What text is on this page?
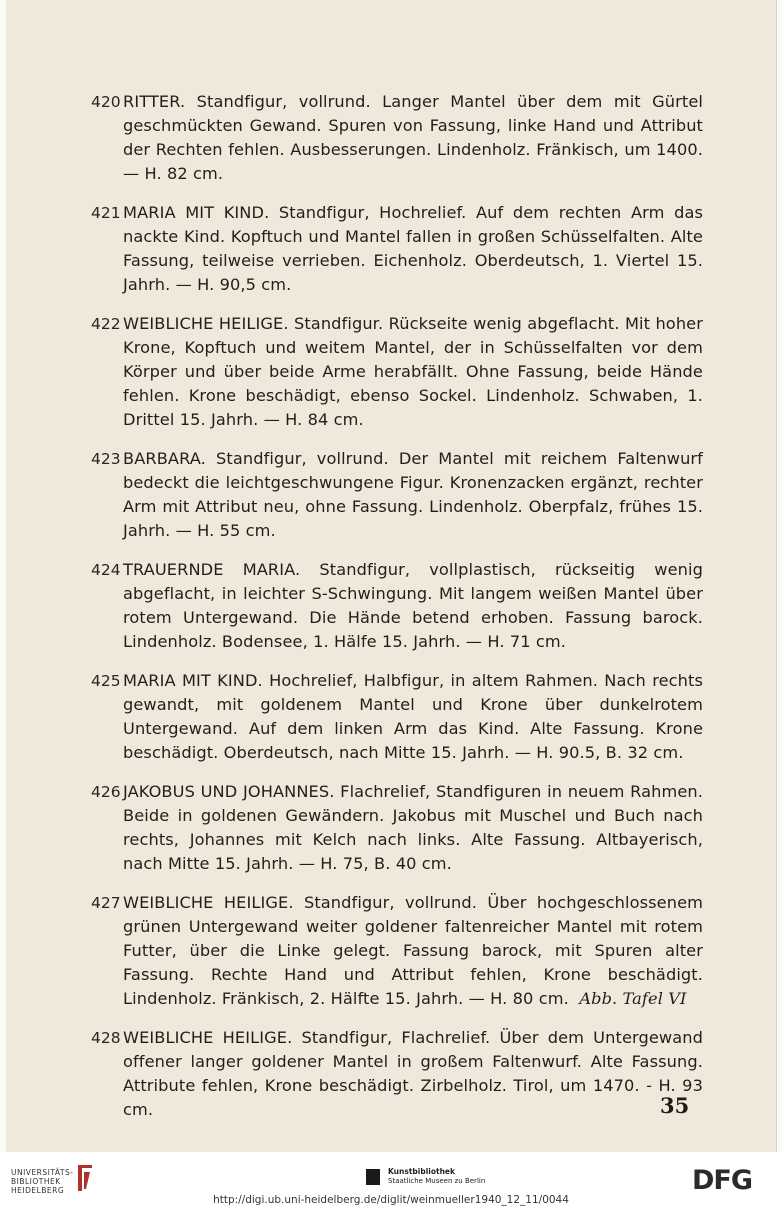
420 RITTER. Standfigur, vollrund. Langer Mantel über dem mit Gürtel geschmückten Gewand. Spuren von Fassung, linke Hand und Attribut der Rechten fehlen. Ausbesserungen. Lindenholz. Fränkisch, um 1400. — H. 82 cm.
421 MARIA MIT KIND. Standfigur, Hochrelief. Auf dem rechten Arm das nackte Kind. Kopftuch und Mantel fallen in großen Schüsselfalten. Alte Fassung, teilweise verrieben. Eichenholz. Oberdeutsch, 1. Viertel 15. Jahrh. — H. 90,5 cm.
422 WEIBLICHE HEILIGE. Standfigur. Rückseite wenig abgeflacht. Mit hoher Krone, Kopftuch und weitem Mantel, der in Schüsselfalten vor dem Körper und über beide Arme herabfällt. Ohne Fassung, beide Hände fehlen. Krone beschädigt, ebenso Sockel. Lindenholz. Schwaben, 1. Drittel 15. Jahrh. — H. 84 cm.
423 BARBARA. Standfigur, vollrund. Der Mantel mit reichem Faltenwurf bedeckt die leichtgeschwungene Figur. Kronenzacken ergänzt, rechter Arm mit Attribut neu, ohne Fassung. Lindenholz. Oberpfalz, frühes 15. Jahrh. — H. 55 cm.
424 TRAUERNDE MARIA. Standfigur, vollplastisch, rückseitig wenig abgeflacht, in leichter S-Schwingung. Mit langem weißen Mantel über rotem Untergewand. Die Hände betend erhoben. Fassung barock. Lindenholz. Bodensee, 1. Hälfe 15. Jahrh. — H. 71 cm.
425 MARIA MIT KIND. Hochrelief, Halbfigur, in altem Rahmen. Nach rechts gewandt, mit goldenem Mantel und Krone über dunkelrotem Untergewand. Auf dem linken Arm das Kind. Alte Fassung. Krone beschädigt. Oberdeutsch, nach Mitte 15. Jahrh. — H. 90.5, B. 32 cm.
426 JAKOBUS UND JOHANNES. Flachrelief, Standfiguren in neuem Rahmen. Beide in goldenen Gewändern. Jakobus mit Muschel und Buch nach rechts, Johannes mit Kelch nach links. Alte Fassung. Altbayerisch, nach Mitte 15. Jahrh. — H. 75, B. 40 cm.
427 WEIBLICHE HEILIGE. Standfigur, vollrund. Über hochgeschlossenem grünen Untergewand weiter goldener faltenreicher Mantel mit rotem Futter, über die Linke gelegt. Fassung barock, mit Spuren alter Fassung. Rechte Hand und Attribut fehlen, Krone beschädigt. Lindenholz. Fränkisch, 2. Hälfte 15. Jahrh. — H. 80 cm. Abb. Tafel VI
428 WEIBLICHE HEILIGE. Standfigur, Flachrelief. Über dem Untergewand offener langer goldener Mantel in großem Faltenwurf. Alte Fassung. Attribute fehlen, Krone beschädigt. Zirbelholz. Tirol, um 1470. - H. 93 cm.	35
UNIVERSITÄTS-
BIBLIOTHEK
HEIDELBERG
Kunstbibliothek
Staatliche Museen zu Berlin	DFG
http://digi.ub.uni-heidelberg.de/diglit/weinmueller1940_12_11/0044
